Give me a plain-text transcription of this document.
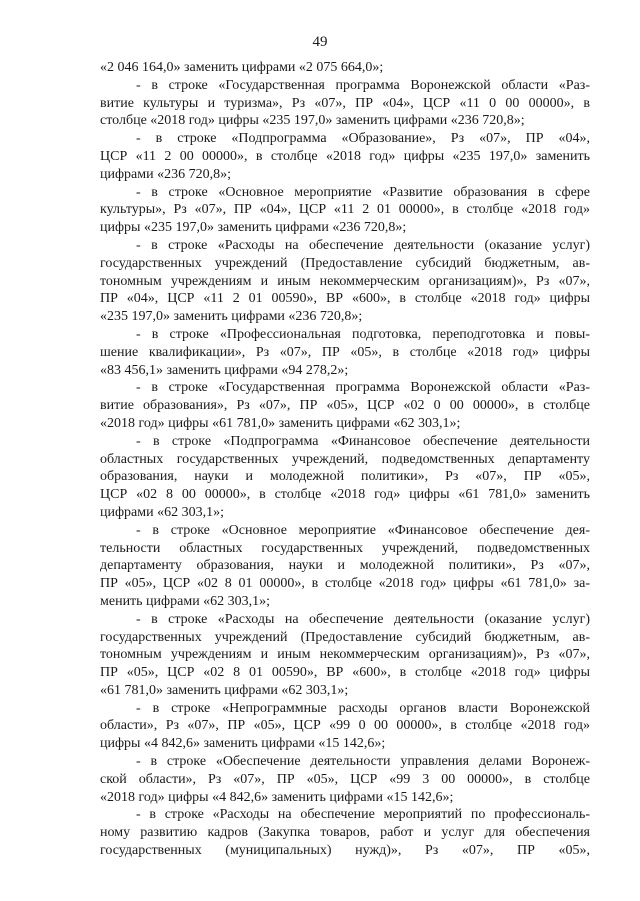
49
«2 046 164,0» заменить цифрами «2 075 664,0»;
- в строке «Государственная программа Воронежской области «Раз-
витие культуры и туризма», Рз «07», ПР «04», ЦСР «11 0 00 00000», в
столбце «2018 год» цифры «235 197,0» заменить цифрами «236 720,8»;
- в строке «Подпрограмма «Образование», Рз «07», ПР «04»,
ЦСР «11 2 00 00000», в столбце «2018 год» цифры «235 197,0» заменить
цифрами «236 720,8»;
- в строке «Основное мероприятие «Развитие образования в сфере
культуры», Рз «07», ПР «04», ЦСР «11 2 01 00000», в столбце «2018 год»
цифры «235 197,0» заменить цифрами «236 720,8»;
- в строке «Расходы на обеспечение деятельности (оказание услуг)
государственных учреждений (Предоставление субсидий бюджетным, ав-
тономным учреждениям и иным некоммерческим организациям)», Рз «07»,
ПР «04», ЦСР «11 2 01 00590», ВР «600», в столбце «2018 год» цифры
«235 197,0» заменить цифрами «236 720,8»;
- в строке «Профессиональная подготовка, переподготовка и повы-
шение квалификации», Рз «07», ПР «05», в столбце «2018 год» цифры
«83 456,1» заменить цифрами «94 278,2»;
- в строке «Государственная программа Воронежской области «Раз-
витие образования», Рз «07», ПР «05», ЦСР «02 0 00 00000», в столбце
«2018 год» цифры «61 781,0» заменить цифрами «62 303,1»;
- в строке «Подпрограмма «Финансовое обеспечение деятельности
областных государственных учреждений, подведомственных департаменту
образования, науки и молодежной политики», Рз «07», ПР «05»,
ЦСР «02 8 00 00000», в столбце «2018 год» цифры «61 781,0» заменить
цифрами «62 303,1»;
- в строке «Основное мероприятие «Финансовое обеспечение дея-
тельности областных государственных учреждений, подведомственных
департаменту образования, науки и молодежной политики», Рз «07»,
ПР «05», ЦСР «02 8 01 00000», в столбце «2018 год» цифры «61 781,0» за-
менить цифрами «62 303,1»;
- в строке «Расходы на обеспечение деятельности (оказание услуг)
государственных учреждений (Предоставление субсидий бюджетным, ав-
тономным учреждениям и иным некоммерческим организациям)», Рз «07»,
ПР «05», ЦСР «02 8 01 00590», ВР «600», в столбце «2018 год» цифры
«61 781,0» заменить цифрами «62 303,1»;
- в строке «Непрограммные расходы органов власти Воронежской
области», Рз «07», ПР «05», ЦСР «99 0 00 00000», в столбце «2018 год»
цифры «4 842,6» заменить цифрами «15 142,6»;
- в строке «Обеспечение деятельности управления делами Воронеж-
ской области», Рз «07», ПР «05», ЦСР «99 3 00 00000», в столбце
«2018 год» цифры «4 842,6» заменить цифрами «15 142,6»;
- в строке «Расходы на обеспечение мероприятий по профессиональ-
ному развитию кадров (Закупка товаров, работ и услуг для обеспечения
государственных (муниципальных) нужд)», Рз «07», ПР «05»,
